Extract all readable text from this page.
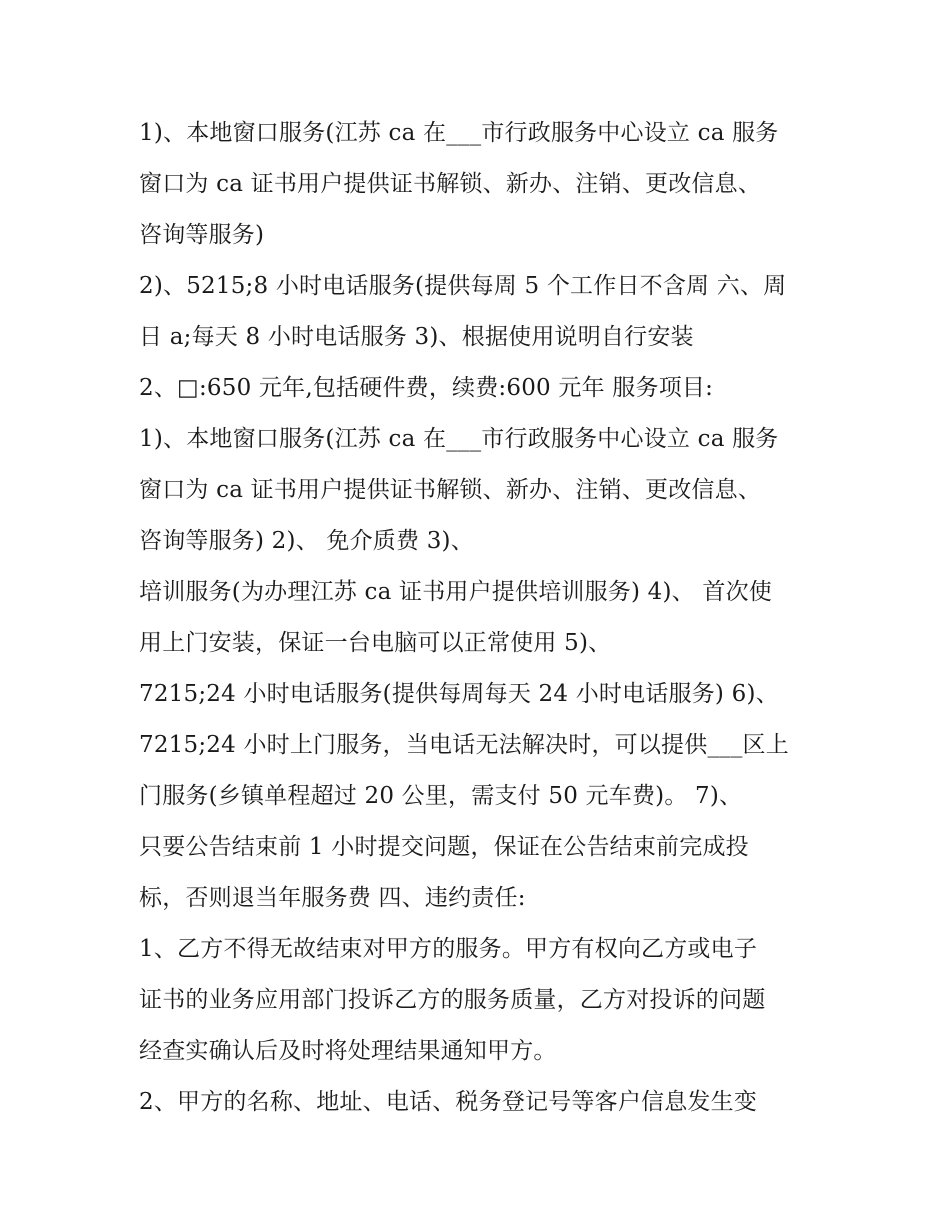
1)、本地窗口服务(江苏 ca 在___市行政服务中心设立 ca 服务
窗口为 ca 证书用户提供证书解锁、新办、注销、更改信息、
咨询等服务)
2)、5215;8 小时电话服务(提供每周 5 个工作日不含周 六、周
日 a;每天 8 小时电话服务 3)、根据使用说明自行安装
2、□:650 元年,包括硬件费，续费:600 元年 服务项目:
1)、本地窗口服务(江苏 ca 在___市行政服务中心设立 ca 服务
窗口为 ca 证书用户提供证书解锁、新办、注销、更改信息、
咨询等服务) 2)、 免介质费 3)、
培训服务(为办理江苏 ca 证书用户提供培训服务) 4)、 首次使
用上门安装，保证一台电脑可以正常使用 5)、
7215;24 小时电话服务(提供每周每天 24 小时电话服务) 6)、
7215;24 小时上门服务，当电话无法解决时，可以提供___区上
门服务(乡镇单程超过 20 公里，需支付 50 元车费)。 7)、
只要公告结束前 1 小时提交问题，保证在公告结束前完成投
标，否则退当年服务费 四、违约责任:
1、乙方不得无故结束对甲方的服务。甲方有权向乙方或电子
证书的业务应用部门投诉乙方的服务质量，乙方对投诉的问题
经查实确认后及时将处理结果通知甲方。
2、甲方的名称、地址、电话、税务登记号等客户信息发生变
